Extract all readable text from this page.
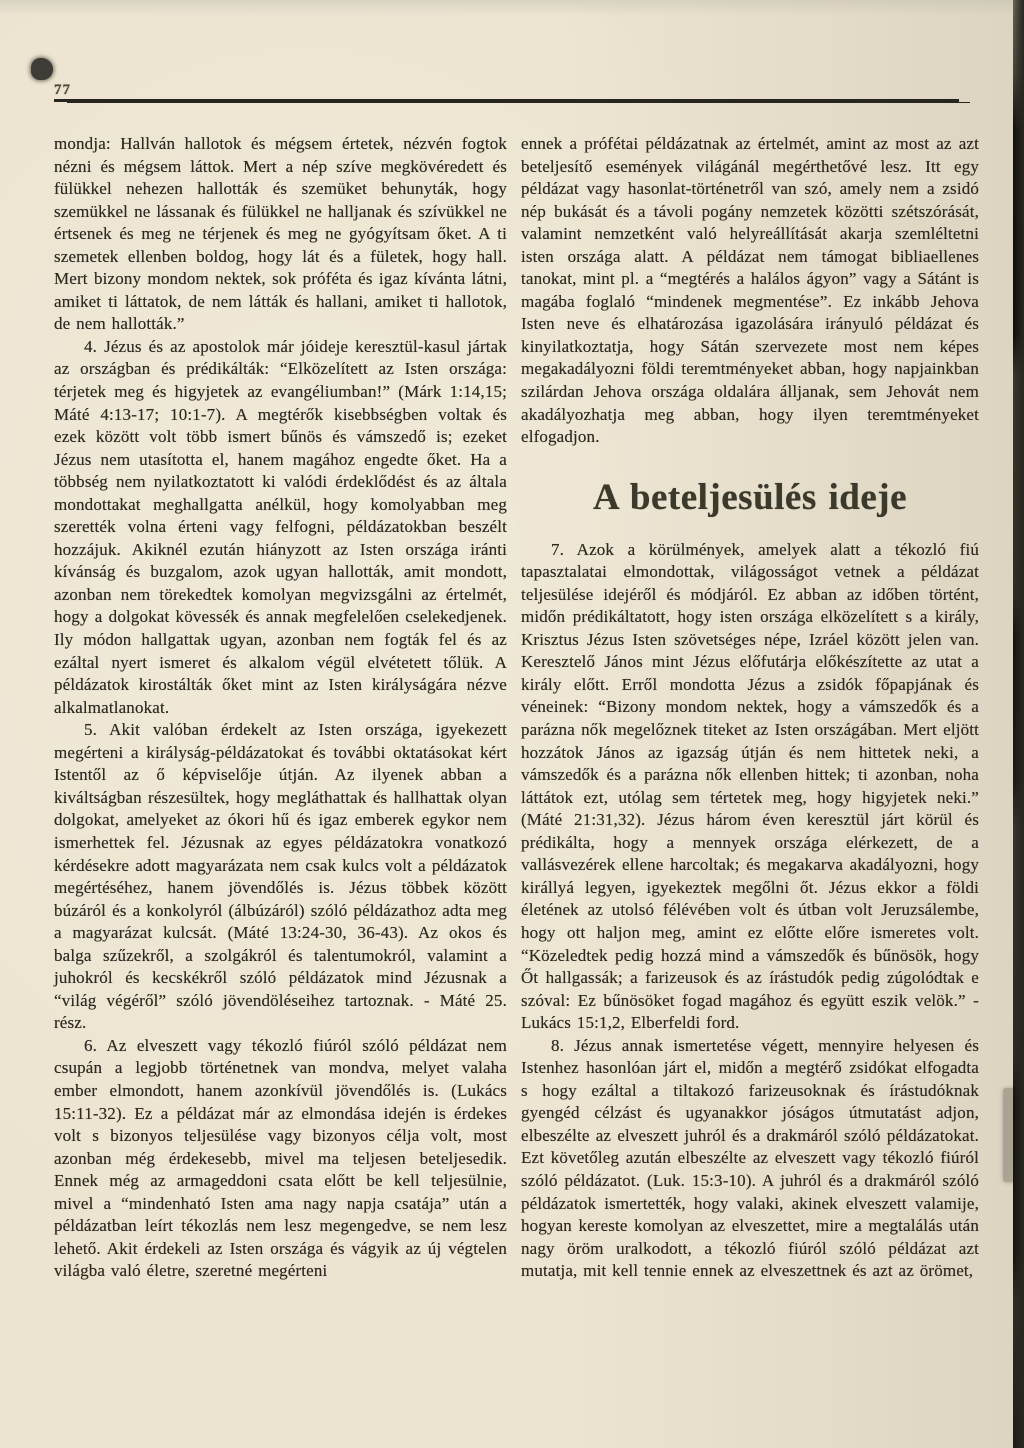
77

mondja: Hallván hallotok és mégsem értetek, nézvén fogtok nézni és mégsem láttok. Mert a nép szíve megkövéredett és fülükkel nehezen hallották és szemüket behunyták, hogy szemükkel ne lássanak és fülükkel ne halljanak és szívükkel ne értsenek és meg ne térjenek és meg ne gyógyítsam őket. A ti szemetek ellenben boldog, hogy lát és a fületek, hogy hall. Mert bizony mondom nektek, sok próféta és igaz kívánta látni, amiket ti láttatok, de nem látták és hallani, amiket ti hallotok, de nem hallották.”

4. Jézus és az apostolok már jóideje keresztül-kasul jártak az országban és prédikálták: “Elközelített az Isten országa: térjetek meg és higyjetek az evangéliumban!” (Márk 1:14,15; Máté 4:13-17; 10:1-7). A megtérők kisebbségben voltak és ezek között volt több ismert bűnös és vámszedő is; ezeket Jézus nem utasította el, hanem magához engedte őket. Ha a többség nem nyilatkoztatott ki valódi érdeklődést és az általa mondottakat meghallgatta anélkül, hogy komolyabban meg szerették volna érteni vagy felfogni, példázatokban beszélt hozzájuk. Akiknél ezután hiányzott az Isten országa iránti kívánság és buzgalom, azok ugyan hallották, amit mondott, azonban nem törekedtek komolyan megvizsgálni az értelmét, hogy a dolgokat kövessék és annak megfelelően cselekedjenek. Ily módon hallgattak ugyan, azonban nem fogták fel és az ezáltal nyert ismeret és alkalom végül elvétetett tőlük. A példázatok kirostálták őket mint az Isten királyságára nézve alkalmatlanokat.

5. Akit valóban érdekelt az Isten országa, igyekezett megérteni a királyság-példázatokat és további oktatásokat kért Istentől az ő képviselője útján. Az ilyenek abban a kiváltságban részesültek, hogy megláthattak és hallhattak olyan dolgokat, amelyeket az ókori hű és igaz emberek egykor nem ismerhettek fel. Jézusnak az egyes példázatokra vonatkozó kérdésekre adott magyarázata nem csak kulcs volt a példázatok megértéséhez, hanem jövendőlés is. Jézus többek között búzáról és a konkolyról (álbúzáról) szóló példázathoz adta meg a magyarázat kulcsát. (Máté 13:24-30, 36-43). Az okos és balga szűzekről, a szolgákról és talentumokról, valamint a juhokról és kecskékről szóló példázatok mind Jézusnak a “világ végéről” szóló jövendöléseihez tartoznak. - Máté 25. rész.

6. Az elveszett vagy tékozló fiúról szóló példázat nem csupán a legjobb történetnek van mondva, melyet valaha ember elmondott, hanem azonkívül jövendőlés is. (Lukács 15:11-32). Ez a példázat már az elmondása idején is érdekes volt s bizonyos teljesülése vagy bizonyos célja volt, most azonban még érdekesebb, mivel ma teljesen beteljesedik. Ennek még az armageddoni csata előtt be kell teljesülnie, mivel a “mindenható Isten ama nagy napja csatája” után a példázatban leírt tékozlás nem lesz megengedve, se nem lesz lehető. Akit érdekeli az Isten országa és vágyik az új végtelen világba való életre, szeretné megérteni

ennek a prófétai példázatnak az értelmét, amint az most az azt beteljesítő események világánál megérthetővé lesz. Itt egy példázat vagy hasonlat-történetről van szó, amely nem a zsidó nép bukását és a távoli pogány nemzetek közötti szétszórását, valamint nemzetként való helyreállítását akarja szemléltetni isten országa alatt. A példázat nem támogat bibliaellenes tanokat, mint pl. a “megtérés a halálos ágyon” vagy a Sátánt is magába foglaló “mindenek megmentése”. Ez inkább Jehova Isten neve és elhatározása igazolására irányuló példázat és kinyilatkoztatja, hogy Sátán szervezete most nem képes megakadályozni földi teremtményeket abban, hogy napjainkban szilárdan Jehova országa oldalára álljanak, sem Jehovát nem akadályozhatja meg abban, hogy ilyen teremtményeket elfogadjon.

A beteljesülés ideje

7. Azok a körülmények, amelyek alatt a tékozló fiú tapasztalatai elmondottak, világosságot vetnek a példázat teljesülése idejéről és módjáról. Ez abban az időben történt, midőn prédikáltatott, hogy isten országa elközelített s a király, Krisztus Jézus Isten szövetséges népe, Izráel között jelen van. Keresztelő János mint Jézus előfutárja előkészítette az utat a király előtt. Erről mondotta Jézus a zsidók főpapjának és véneinek: “Bizony mondom nektek, hogy a vámszedők és a parázna nők megelőznek titeket az Isten országában. Mert eljött hozzátok János az igazság útján és nem hittetek neki, a vámszedők és a parázna nők ellenben hittek; ti azonban, noha láttátok ezt, utólag sem tértetek meg, hogy higyjetek neki.” (Máté 21:31,32). Jézus három éven keresztül járt körül és prédikálta, hogy a mennyek országa elérkezett, de a vallásvezérek ellene harcoltak; és megakarva akadályozni, hogy királlyá legyen, igyekeztek megőlni őt. Jézus ekkor a földi életének az utolsó félévében volt és útban volt Jeruzsálembe, hogy ott haljon meg, amint ez előtte előre ismeretes volt. “Közeledtek pedig hozzá mind a vámszedők és bűnösök, hogy Őt hallgassák; a farizeusok és az írástudók pedig zúgolódtak e szóval: Ez bűnösöket fogad magához és együtt eszik velök.” - Lukács 15:1,2, Elberfeldi ford.

8. Jézus annak ismertetése végett, mennyire helyesen és Istenhez hasonlóan járt el, midőn a megtérő zsidókat elfogadta s hogy ezáltal a tiltakozó farizeusoknak és írástudóknak gyengéd célzást és ugyanakkor jóságos útmutatást adjon, elbeszélte az elveszett juhról és a drakmáról szóló példázatokat. Ezt követőleg azután elbeszélte az elveszett vagy tékozló fiúról szóló példázatot. (Luk. 15:3-10). A juhról és a drakmáról szóló példázatok ismertették, hogy valaki, akinek elveszett valamije, hogyan kereste komolyan az elveszettet, mire a megtalálás után nagy öröm uralkodott, a tékozló fiúról szóló példázat azt mutatja, mit kell tennie ennek az elveszettnek és azt az örömet,
